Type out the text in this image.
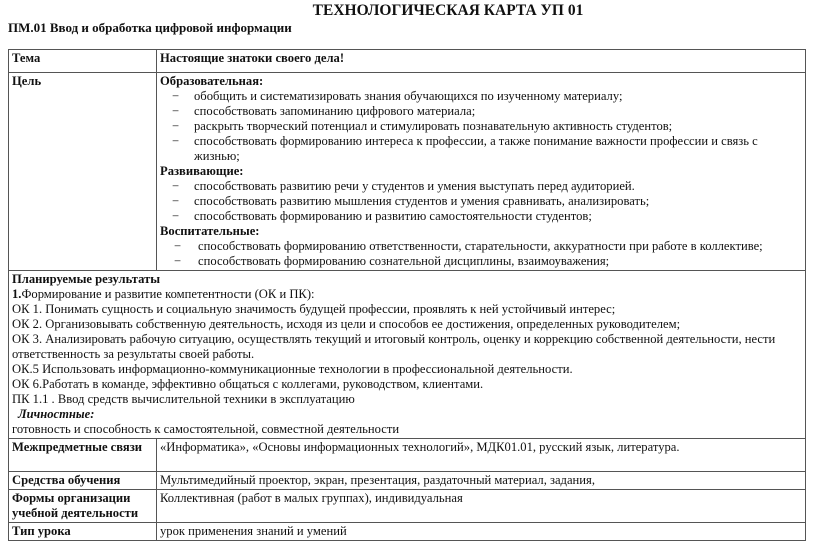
ТЕХНОЛОГИЧЕСКАЯ КАРТА УП 01
ПМ.01 Ввод и обработка цифровой информации
Тема	Настоящие знатоки своего дела!
Цель	Образовательная:
− обобщить и систематизировать знания обучающихся по изученному материалу;
− способствовать запоминанию цифрового материала;
− раскрыть творческий потенциал и стимулировать познавательную активность студентов;
− способствовать формированию интереса к профессии, а также понимание важности профессии и связь с жизнью;
Развивающие:
− способствовать развитию речи у студентов и умения выступать перед аудиторией.
− способствовать развитию мышления студентов и умения сравнивать, анализировать;
− способствовать формированию и развитию самостоятельности студентов;
Воспитательные:
− способствовать формированию ответственности, старательности, аккуратности при работе в коллективе;
− способствовать формированию сознательной дисциплины, взаимоуважения;

Планируемые результаты
1.Формирование и развитие компетентности (ОК и ПК):
ОК 1. Понимать сущность и социальную значимость будущей профессии, проявлять к ней устойчивый интерес;
ОК 2. Организовывать собственную деятельность, исходя из цели и способов ее достижения, определенных руководителем;
ОК 3. Анализировать рабочую ситуацию, осуществлять текущий и итоговый контроль, оценку и коррекцию собственной деятельности, нести ответственность за результаты своей работы.
ОК.5 Использовать информационно-коммуникационные технологии в профессиональной деятельности.
ОК 6.Работать в команде, эффективно общаться с коллегами, руководством, клиентами.
ПК 1.1 . Ввод средств вычислительной техники в эксплуатацию
Личностные:
готовность и способность к самостоятельной, совместной деятельности

Межпредметные связи	«Информатика», «Основы информационных технологий», МДК01.01, русский язык, литература.
Средства обучения	Мультимедийный проектор, экран, презентация, раздаточный материал, задания,
Формы организации учебной деятельности	Коллективная (работ в малых группах), индивидуальная
Тип урока	урок применения знаний и умений
